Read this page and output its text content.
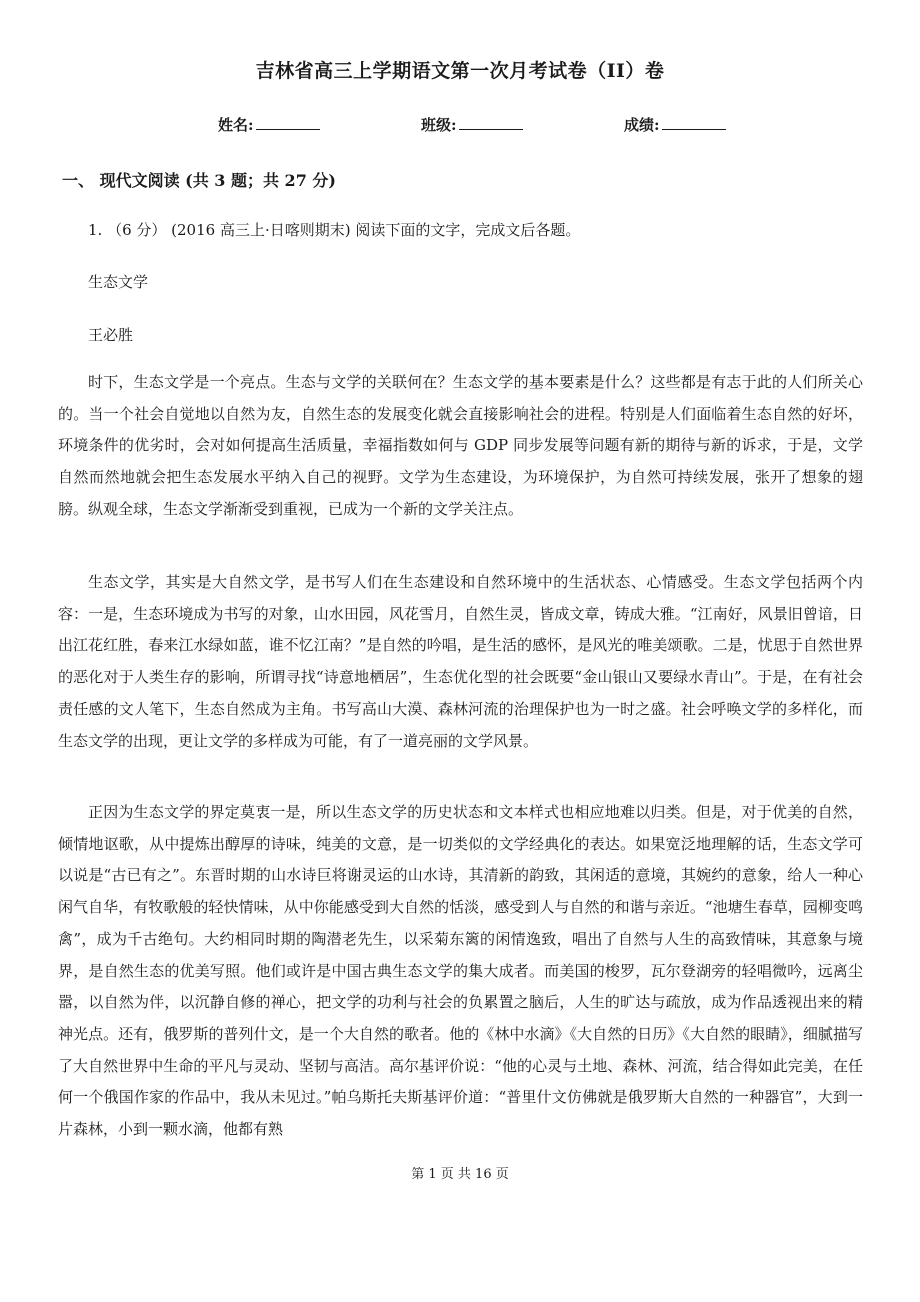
吉林省高三上学期语文第一次月考试卷（II）卷
姓名:	班级:	成绩:
一、 现代文阅读 (共 3 题；共 27 分)
1. （6 分） (2016 高三上·日喀则期末) 阅读下面的文字，完成文后各题。
生态文学
王必胜

时下，生态文学是一个亮点。生态与文学的关联何在？生态文学的基本要素是什么？这些都是有志于此的人们所关心的。当一个社会自觉地以自然为友，自然生态的发展变化就会直接影响社会的进程。特别是人们面临着生态自然的好坏，环境条件的优劣时，会对如何提高生活质量，幸福指数如何与 GDP 同步发展等问题有新的期待与新的诉求，于是，文学自然而然地就会把生态发展水平纳入自己的视野。文学为生态建设，为环境保护，为自然可持续发展，张开了想象的翅膀。纵观全球，生态文学渐渐受到重视，已成为一个新的文学关注点。

生态文学，其实是大自然文学，是书写人们在生态建设和自然环境中的生活状态、心情感受。生态文学包括两个内容：一是，生态环境成为书写的对象，山水田园，风花雪月，自然生灵，皆成文章，铸成大雅。“江南好，风景旧曾谙，日出江花红胜，春来江水绿如蓝，谁不忆江南？”是自然的吟唱，是生活的感怀，是风光的唯美颂歌。二是，忧思于自然世界的恶化对于人类生存的影响，所谓寻找“诗意地栖居”，生态优化型的社会既要“金山银山又要绿水青山”。于是，在有社会责任感的文人笔下，生态自然成为主角。书写高山大漠、森林河流的治理保护也为一时之盛。社会呼唤文学的多样化，而生态文学的出现，更让文学的多样成为可能，有了一道亮丽的文学风景。

正因为生态文学的界定莫衷一是，所以生态文学的历史状态和文本样式也相应地难以归类。但是，对于优美的自然，倾情地讴歌，从中提炼出醇厚的诗味，纯美的文意，是一切类似的文学经典化的表达。如果宽泛地理解的话，生态文学可以说是“古已有之”。东晋时期的山水诗巨将谢灵运的山水诗，其清新的韵致，其闲适的意境，其婉约的意象，给人一种心闲气自华，有牧歌般的轻快情味，从中你能感受到大自然的恬淡，感受到人与自然的和谐与亲近。“池塘生春草，园柳变鸣禽”，成为千古绝句。大约相同时期的陶潜老先生，以采菊东篱的闲情逸致，唱出了自然与人生的高致情味，其意象与境界，是自然生态的优美写照。他们或许是中国古典生态文学的集大成者。而美国的梭罗，瓦尔登湖旁的轻唱微吟，远离尘嚣，以自然为伴，以沉静自修的禅心，把文学的功利与社会的负累置之脑后，人生的旷达与疏放，成为作品透视出来的精神光点。还有，俄罗斯的普列什文，是一个大自然的歌者。他的《林中水滴》《大自然的日历》《大自然的眼睛》，细腻描写了大自然世界中生命的平凡与灵动、坚韧与高洁。高尔基评价说：“他的心灵与土地、森林、河流，结合得如此完美，在任何一个俄国作家的作品中，我从未见过。”帕乌斯托夫斯基评价道：“普里什文仿佛就是俄罗斯大自然的一种器官”，大到一片森林，小到一颗水滴，他都有熟

第 1 页 共 16 页
